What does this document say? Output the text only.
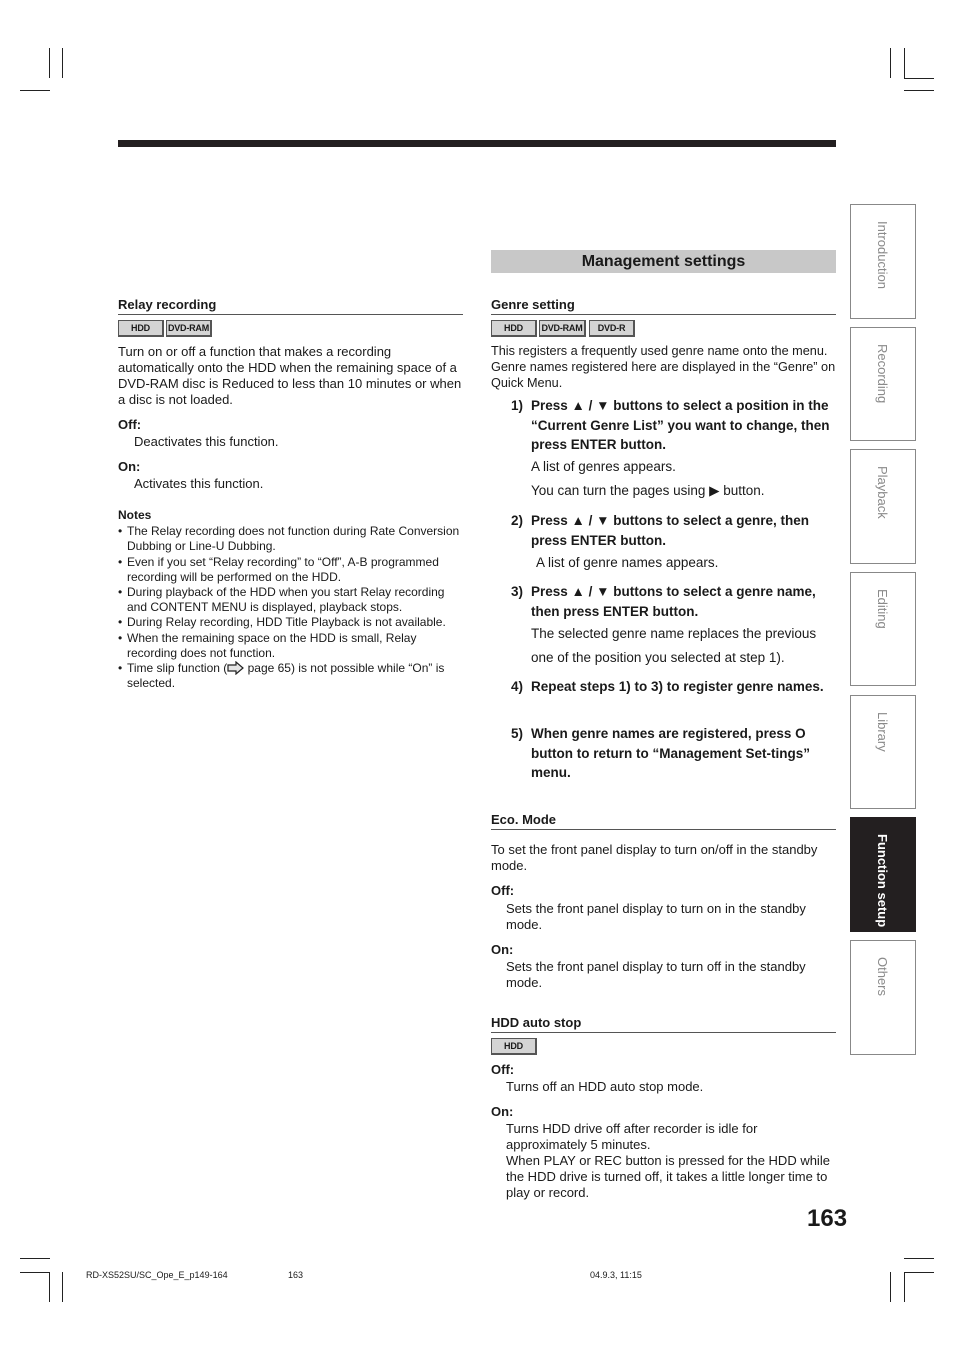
Introduction
Recording
Playback
Editing
Library
Function setup
Others
Management settings
Relay recording
HDD	DVD-RAM

Turn on or off a function that makes a recording automatically onto the HDD when the remaining space of a DVD-RAM disc is Reduced to less than 10 minutes or when a disc is not loaded.

Off:

Deactivates this function.

On:

Activates this function.

Notes
• The Relay recording does not function during Rate Conversion Dubbing or Line-U Dubbing.
• Even if you set “Relay recording” to “Off”, A-B programmed recording will be performed on the HDD.
• During playback of the HDD when you start Relay recording and CONTENT MENU is displayed, playback stops.
• During Relay recording, HDD Title Playback is not available.
• When the remaining space on the HDD is small, Relay recording does not function.
• Time slip function ( page 65) is not possible while “On” is selected.
Genre setting
HDD	DVD-RAM	DVD-R

This registers a frequently used genre name onto the menu. Genre names registered here are displayed in the “Genre” on Quick Menu.

1) Press ▲ / ▼ buttons to select a position in the “Current Genre List” you want to change, then press ENTER button.
A list of genres appears.
You can turn the pages using ▶ button.
2) Press ▲ / ▼ buttons to select a genre, then press ENTER button.
A list of genre names appears.
3) Press ▲ / ▼ buttons to select a genre name, then press ENTER button.
The selected genre name replaces the previous one of the position you selected at step 1).
4) Repeat steps 1) to 3) to register genre names.
5) When genre names are registered, press O button to return to “Management Set-tings” menu.
Eco. Mode

To set the front panel display to turn on/off in the standby mode.

Off:

Sets the front panel display to turn on in the standby mode.

On:

Sets the front panel display to turn off in the standby mode.

HDD auto stop
HDD
Off:

Turns off an HDD auto stop mode.

On:

Turns HDD drive off after recorder is idle for approximately 5 minutes.

When PLAY or REC button is pressed for the HDD while the HDD drive is turned off, it takes a little longer time to play or record.

163
RD-XS52SU/SC_Ope_E_p149-164	163	04.9.3, 11:15
